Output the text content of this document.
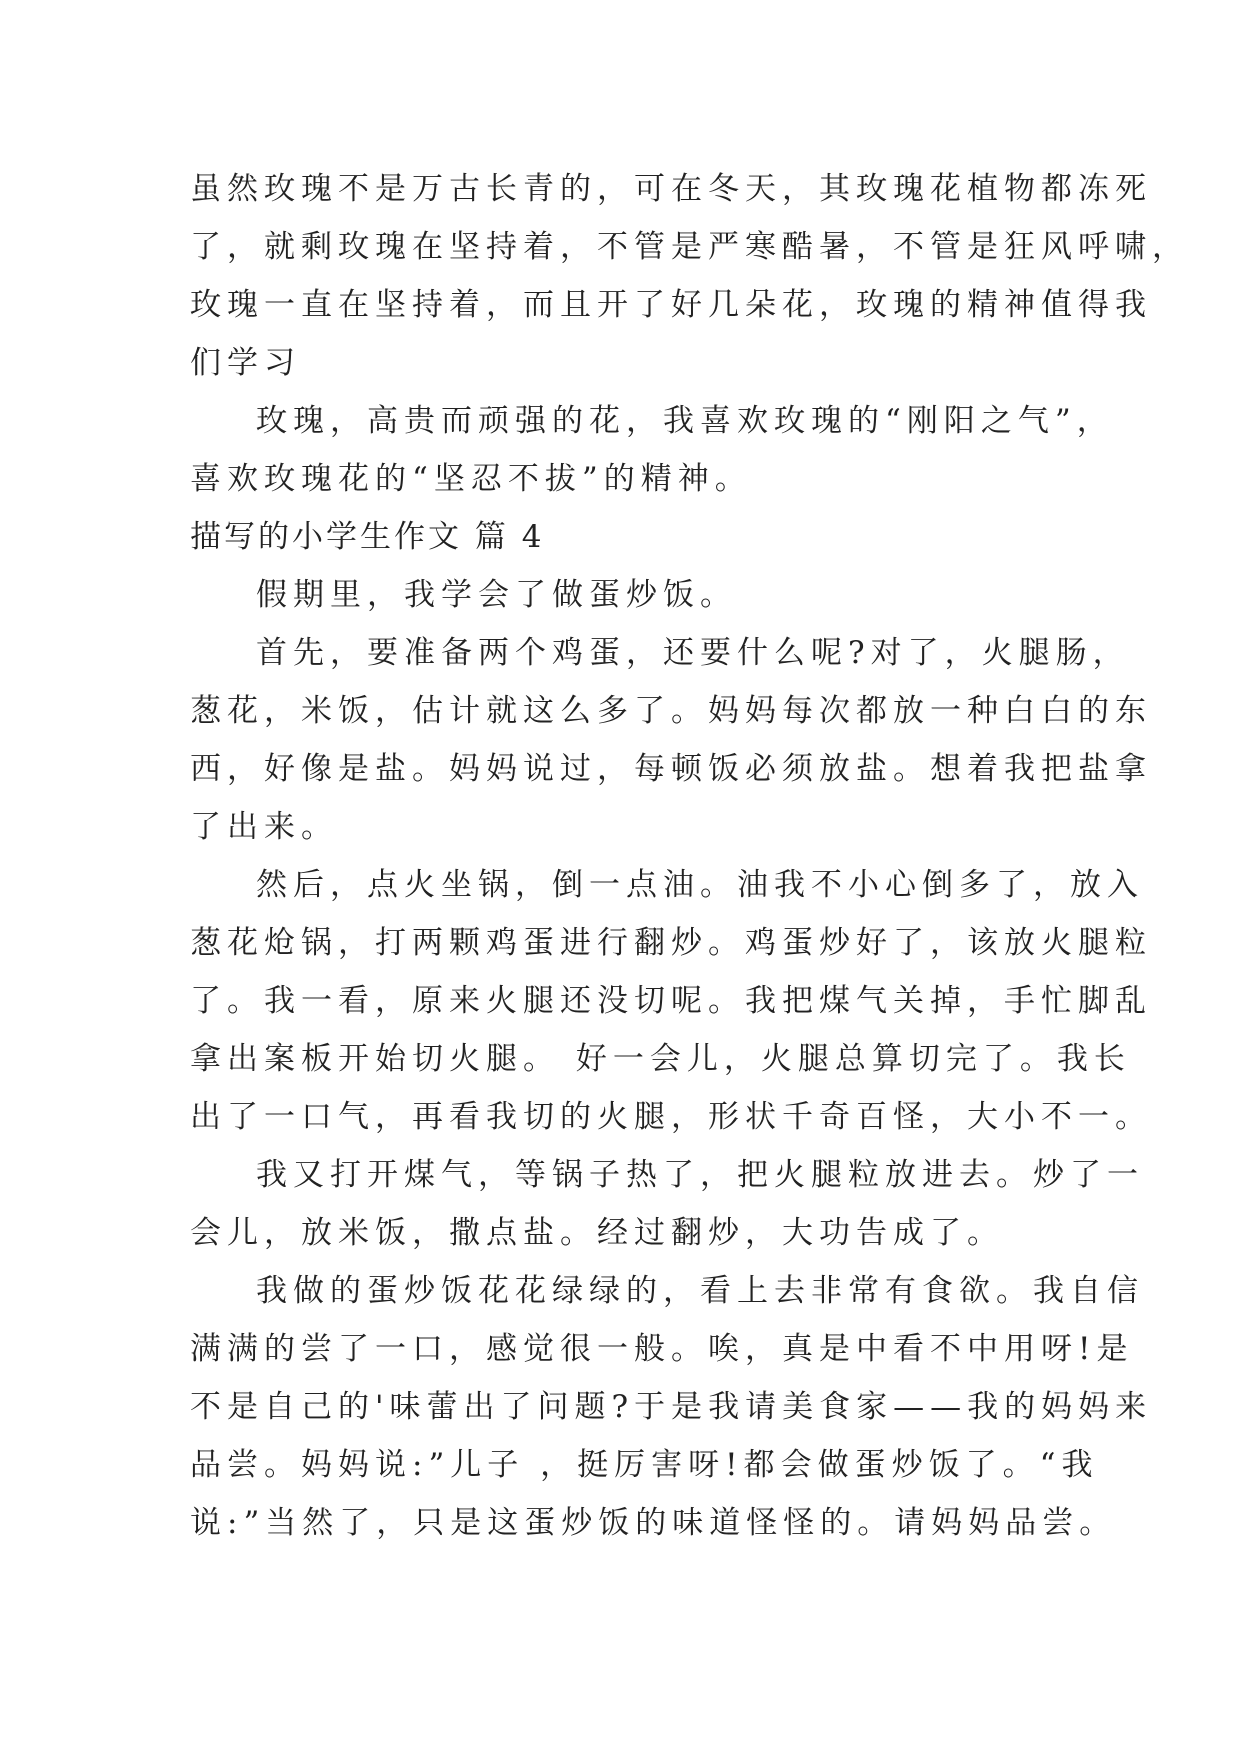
虽然玫瑰不是万古长青的，可在冬天，其玫瑰花植物都冻死
了，就剩玫瑰在坚持着，不管是严寒酷暑，不管是狂风呼啸，
玫瑰一直在坚持着，而且开了好几朵花，玫瑰的精神值得我
们学习
玫瑰，高贵而顽强的花，我喜欢玫瑰的“刚阳之气”，
喜欢玫瑰花的“坚忍不拔”的精神。
描写的小学生作文 篇 4
假期里，我学会了做蛋炒饭。
首先，要准备两个鸡蛋，还要什么呢?对了，火腿肠，
葱花，米饭，估计就这么多了。妈妈每次都放一种白白的东
西，好像是盐。妈妈说过，每顿饭必须放盐。想着我把盐拿
了出来。
然后，点火坐锅，倒一点油。油我不小心倒多了，放入
葱花炝锅，打两颗鸡蛋进行翻炒。鸡蛋炒好了，该放火腿粒
了。我一看，原来火腿还没切呢。我把煤气关掉，手忙脚乱
拿出案板开始切火腿。 好一会儿，火腿总算切完了。我长
出了一口气，再看我切的火腿，形状千奇百怪，大小不一。
我又打开煤气，等锅子热了，把火腿粒放进去。炒了一
会儿，放米饭，撒点盐。经过翻炒，大功告成了。
我做的蛋炒饭花花绿绿的，看上去非常有食欲。我自信
满满的尝了一口，感觉很一般。唉，真是中看不中用呀!是
不是自己的'味蕾出了问题?于是我请美食家——我的妈妈来
品尝。妈妈说:”儿子 ，挺厉害呀!都会做蛋炒饭了。“我
说:”当然了，只是这蛋炒饭的味道怪怪的。请妈妈品尝。
